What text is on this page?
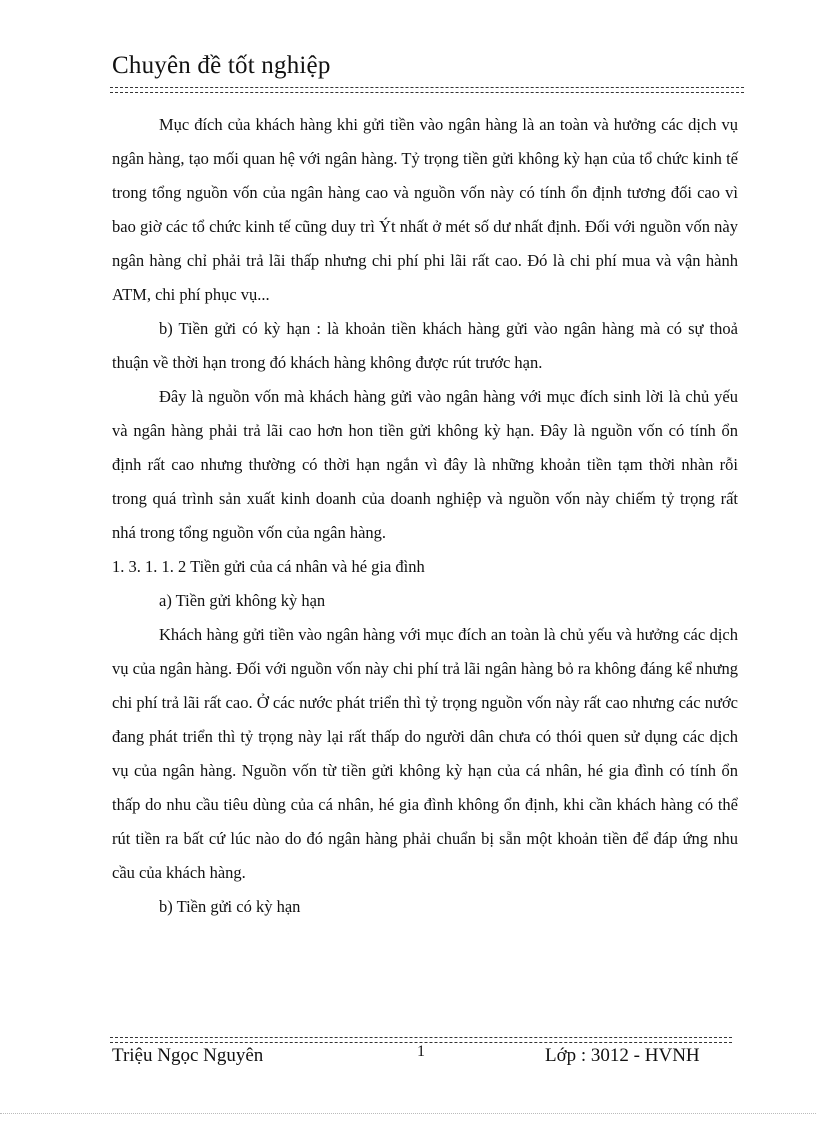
Chuyên đề tốt nghiệp

Mục đích của khách hàng khi gửi tiền vào ngân hàng là an toàn và hưởng các dịch vụ ngân hàng, tạo mối quan hệ với ngân hàng. Tỷ trọng tiền gửi không kỳ hạn của tổ chức kinh tế trong tổng nguồn vốn của ngân hàng cao và nguồn vốn này có tính ổn định tương đối cao vì bao giờ các tổ chức kinh tế cũng duy trì Ýt nhất ở mét số dư nhất định. Đối với nguồn vốn này ngân hàng chỉ phải trả lãi thấp nhưng chi phí phi lãi rất cao. Đó là chi phí mua và vận hành ATM, chi phí phục vụ...

b) Tiền gửi có kỳ hạn : là khoản tiền khách hàng gửi vào ngân hàng mà có sự thoả thuận về thời hạn trong đó khách hàng không được rút trước hạn.

Đây là nguồn vốn mà khách hàng gửi vào ngân hàng với mục đích sinh lời là chủ yếu và ngân hàng phải trả lãi cao hơn hon tiền gửi không kỳ hạn. Đây là nguồn vốn có tính ổn định rất cao nhưng thường có thời hạn ngắn vì đây là những khoản tiền tạm thời nhàn rỗi trong quá trình sản xuất kinh doanh của doanh nghiệp và nguồn vốn này chiếm tỷ trọng rất nhá trong tổng nguồn vốn của ngân hàng.

1. 3. 1. 1. 2 Tiền gửi của cá nhân và hé gia đình

a) Tiền gửi không kỳ hạn

Khách hàng gửi tiền vào ngân hàng với mục đích an toàn là chủ yếu và hưởng các dịch vụ của ngân hàng. Đối với nguồn vốn này chi phí trả lãi ngân hàng bỏ ra không đáng kể nhưng chi phí trả lãi rất cao. Ở các nước phát triển thì tỷ trọng nguồn vốn này rất cao nhưng các nước đang phát triển thì tỷ trọng này lại rất thấp do người dân chưa có thói quen sử dụng các dịch vụ của ngân hàng. Nguồn vốn từ tiền gửi không kỳ hạn của cá nhân, hé gia đình có tính ổn thấp do nhu cầu tiêu dùng của cá nhân, hé gia đình không ổn định, khi cần khách hàng có thể rút tiền ra bất cứ lúc nào do đó ngân hàng phải chuẩn bị sẵn một khoản tiền để đáp ứng nhu cầu của khách hàng.

b) Tiền gửi có kỳ hạn

Triệu Ngọc Nguyên	1	Lớp : 3012 - HVNH
